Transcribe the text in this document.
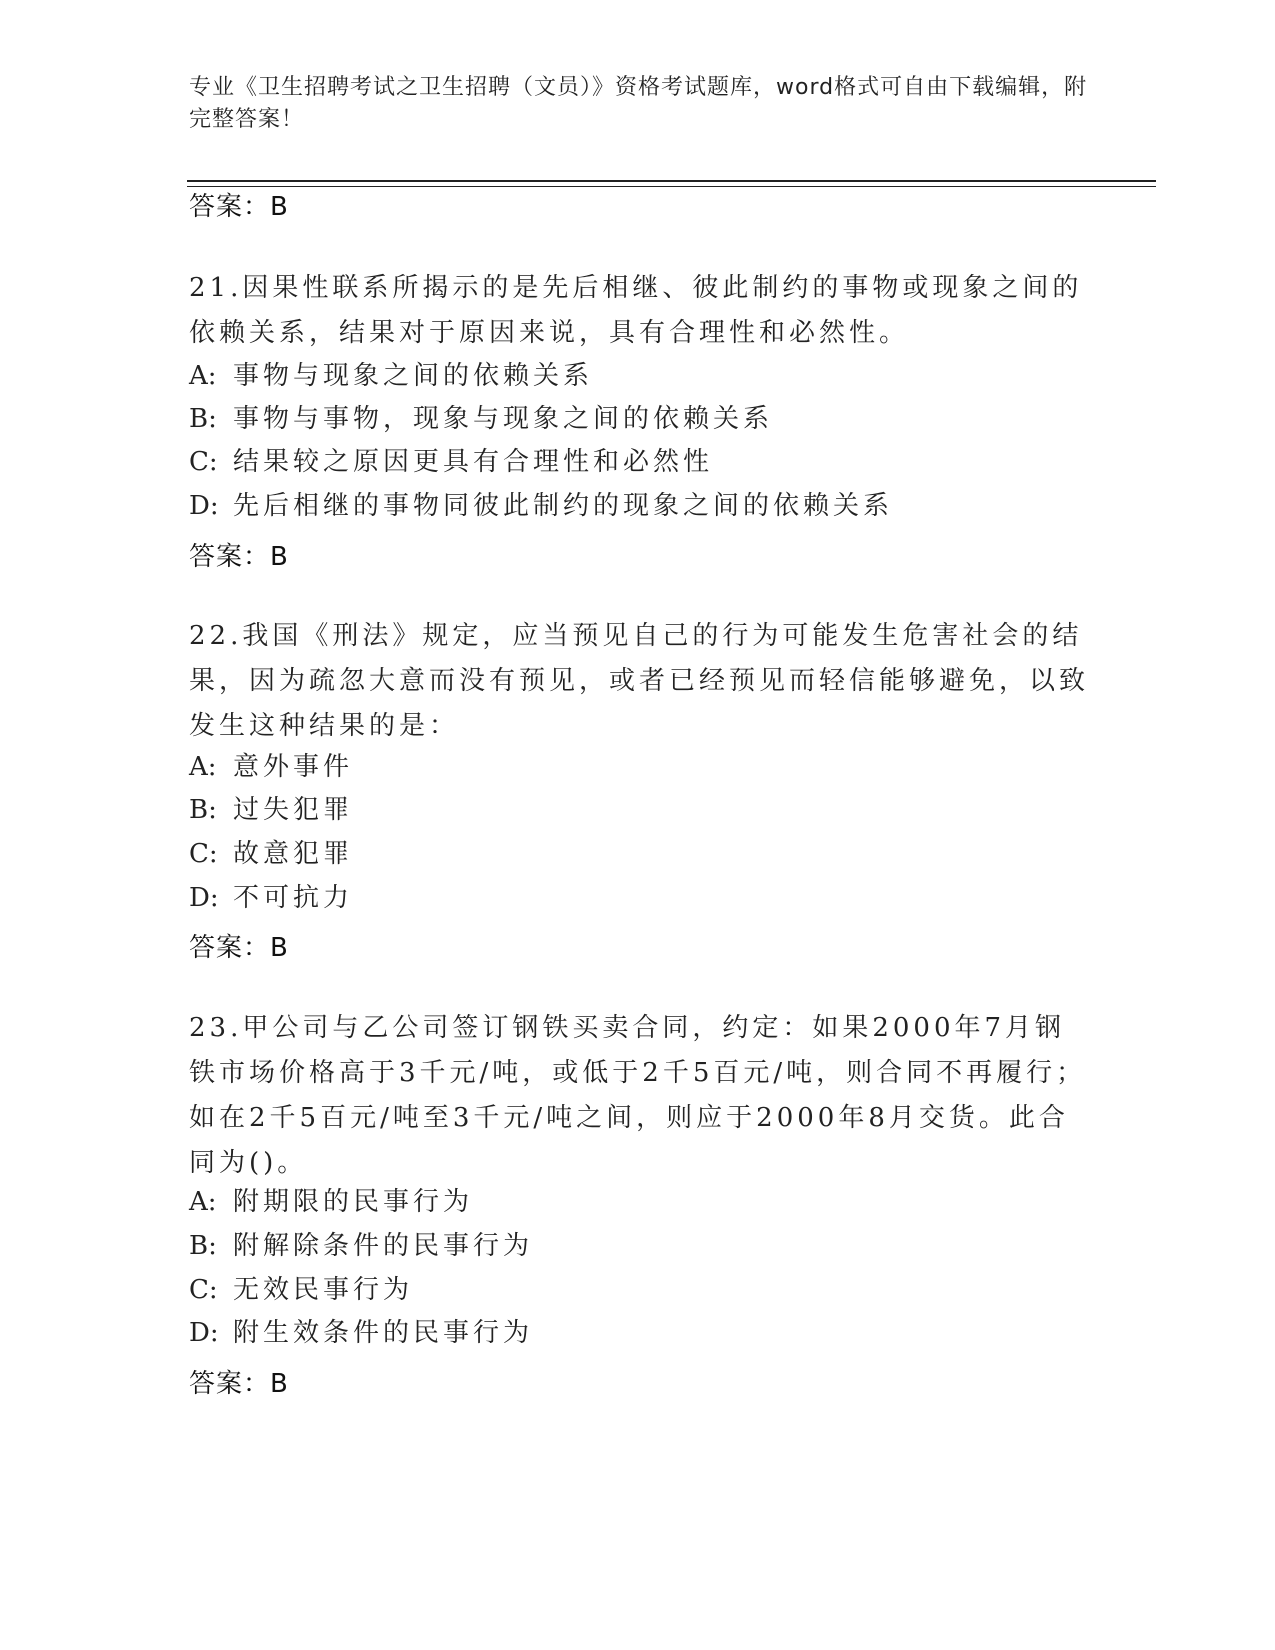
专业《卫生招聘考试之卫生招聘（文员）》资格考试题库，word格式可自由下载编辑，附完整答案！
答案：B
21.因果性联系所揭示的是先后相继、彼此制约的事物或现象之间的依赖关系，结果对于原因来说，具有合理性和必然性。
A: 事物与现象之间的依赖关系
B: 事物与事物，现象与现象之间的依赖关系
C: 结果较之原因更具有合理性和必然性
D: 先后相继的事物同彼此制约的现象之间的依赖关系
答案：B
22.我国《刑法》规定，应当预见自己的行为可能发生危害社会的结果，因为疏忽大意而没有预见，或者已经预见而轻信能够避免，以致发生这种结果的是：
A: 意外事件
B: 过失犯罪
C: 故意犯罪
D: 不可抗力
答案：B
23.甲公司与乙公司签订钢铁买卖合同，约定：如果2000年7月钢铁市场价格高于3千元/吨，或低于2千5百元/吨，则合同不再履行；如在2千5百元/吨至3千元/吨之间，则应于2000年8月交货。此合同为()。
A: 附期限的民事行为
B: 附解除条件的民事行为
C: 无效民事行为
D: 附生效条件的民事行为
答案：B
